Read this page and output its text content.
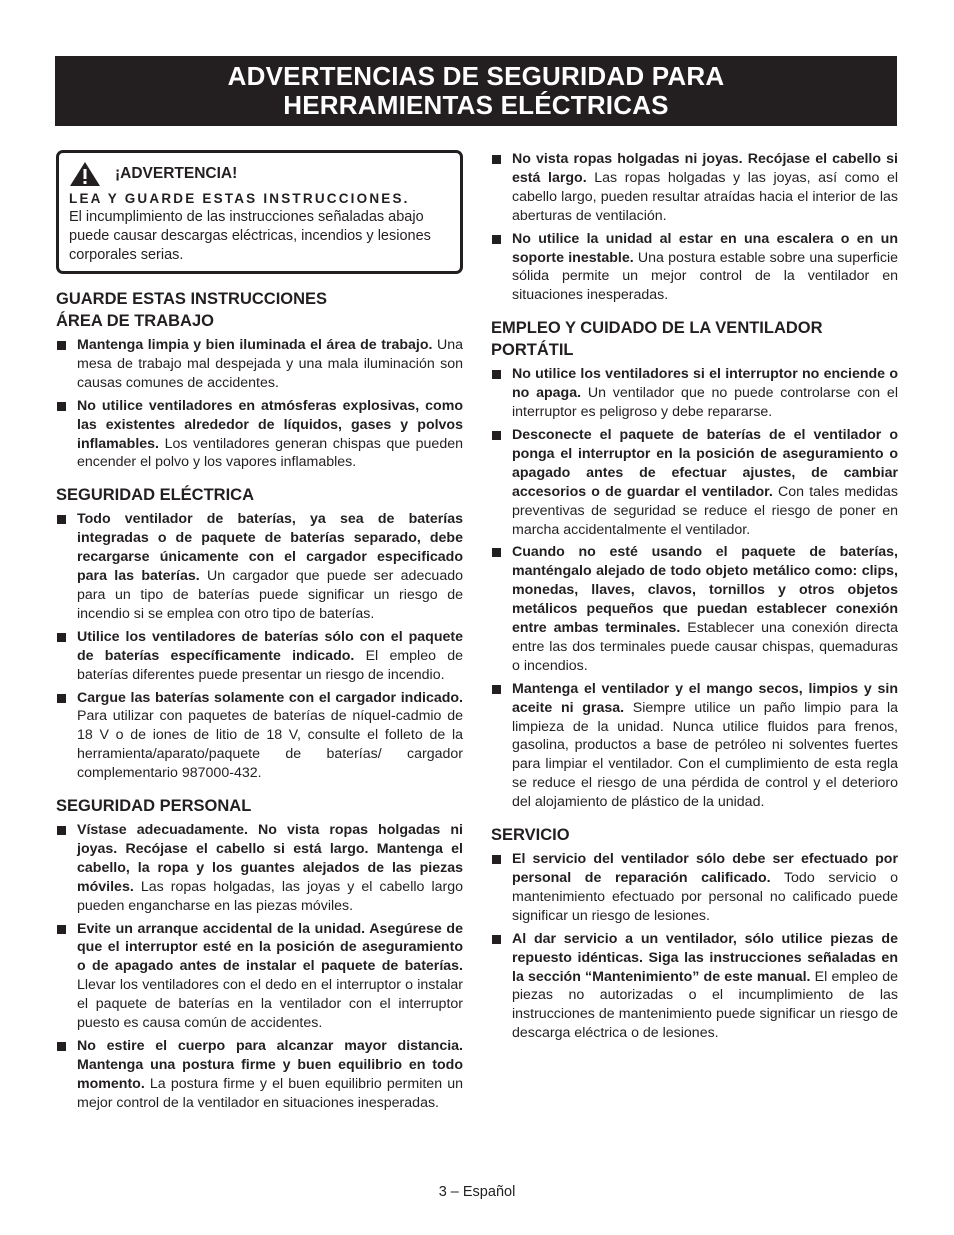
ADVERTENCIAS DE SEGURIDAD PARA
HERRAMIENTAS ELÉCTRICAS
¡ADVERTENCIA!
LEA Y GUARDE ESTAS INSTRUCCIONES.
El incumplimiento de las instrucciones señaladas abajo puede causar descargas eléctricas, incendios y lesiones corporales serias.
GUARDE ESTAS INSTRUCCIONES
ÁREA DE TRABAJO
Mantenga limpia y bien iluminada el área de trabajo. Una mesa de trabajo mal despejada y una mala iluminación son causas comunes de accidentes.
No utilice ventiladores en atmósferas explosivas, como las existentes alrededor de líquidos, gases y polvos inflamables. Los ventiladores generan chispas que pueden encender el polvo y los vapores inflamables.
SEGURIDAD ELÉCTRICA
Todo ventilador de baterías, ya sea de baterías integradas o de paquete de baterías separado, debe recargarse únicamente con el cargador especificado para las baterías. Un cargador que puede ser adecuado para un tipo de baterías puede significar un riesgo de incendio si se emplea con otro tipo de baterías.
Utilice los ventiladores de baterías sólo con el paquete de baterías específicamente indicado. El empleo de baterías diferentes puede presentar un riesgo de incendio.
Cargue las baterías solamente con el cargador indicado. Para utilizar con paquetes de baterías de níquel-cadmio de 18 V o de iones de litio de 18 V, consulte el folleto de la herramienta/aparato/paquete de baterías/ cargador complementario 987000-432.
SEGURIDAD PERSONAL
Vístase adecuadamente. No vista ropas holgadas ni joyas. Recójase el cabello si está largo. Mantenga el cabello, la ropa y los guantes alejados de las piezas móviles. Las ropas holgadas, las joyas y el cabello largo pueden engancharse en las piezas móviles.
Evite un arranque accidental de la unidad. Asegúrese de que el interruptor esté en la posición de aseguramiento o de apagado antes de instalar el paquete de baterías. Llevar los ventiladores con el dedo en el interruptor o instalar el paquete de baterías en la ventilador con el interruptor puesto es causa común de accidentes.
No estire el cuerpo para alcanzar mayor distancia. Mantenga una postura firme y buen equilibrio en todo momento. La postura firme y el buen equilibrio permiten un mejor control de la ventilador en situaciones inesperadas.
No vista ropas holgadas ni joyas. Recójase el cabello si está largo. Las ropas holgadas y las joyas, así como el cabello largo, pueden resultar atraídas hacia el interior de las aberturas de ventilación.
No utilice la unidad al estar en una escalera o en un soporte inestable. Una postura estable sobre una superficie sólida permite un mejor control de la ventilador en situaciones inesperadas.
EMPLEO Y CUIDADO DE LA VENTILADOR
PORTÁTIL
No utilice los ventiladores si el interruptor no enciende o no apaga. Un ventilador que no puede controlarse con el interruptor es peligroso y debe repararse.
Desconecte el paquete de baterías de el ventilador o ponga el interruptor en la posición de aseguramiento o apagado antes de efectuar ajustes, de cambiar accesorios o de guardar el ventilador. Con tales medidas preventivas de seguridad se reduce el riesgo de poner en marcha accidentalmente el ventilador.
Cuando no esté usando el paquete de baterías, manténgalo alejado de todo objeto metálico como: clips, monedas, llaves, clavos, tornillos y otros objetos metálicos pequeños que puedan establecer conexión entre ambas terminales. Establecer una conexión directa entre las dos terminales puede causar chispas, quemaduras o incendios.
Mantenga el ventilador y el mango secos, limpios y sin aceite ni grasa. Siempre utilice un paño limpio para la limpieza de la unidad. Nunca utilice fluidos para frenos, gasolina, productos a base de petróleo ni solventes fuertes para limpiar el ventilador. Con el cumplimiento de esta regla se reduce el riesgo de una pérdida de control y el deterioro del alojamiento de plástico de la unidad.
SERVICIO
El servicio del ventilador sólo debe ser efectuado por personal de reparación calificado. Todo servicio o mantenimiento efectuado por personal no calificado puede significar un riesgo de lesiones.
Al dar servicio a un ventilador, sólo utilice piezas de repuesto idénticas. Siga las instrucciones señaladas en la sección “Mantenimiento” de este manual. El empleo de piezas no autorizadas o el incumplimiento de las instrucciones de mantenimiento puede significar un riesgo de descarga eléctrica o de lesiones.
3 – Español
